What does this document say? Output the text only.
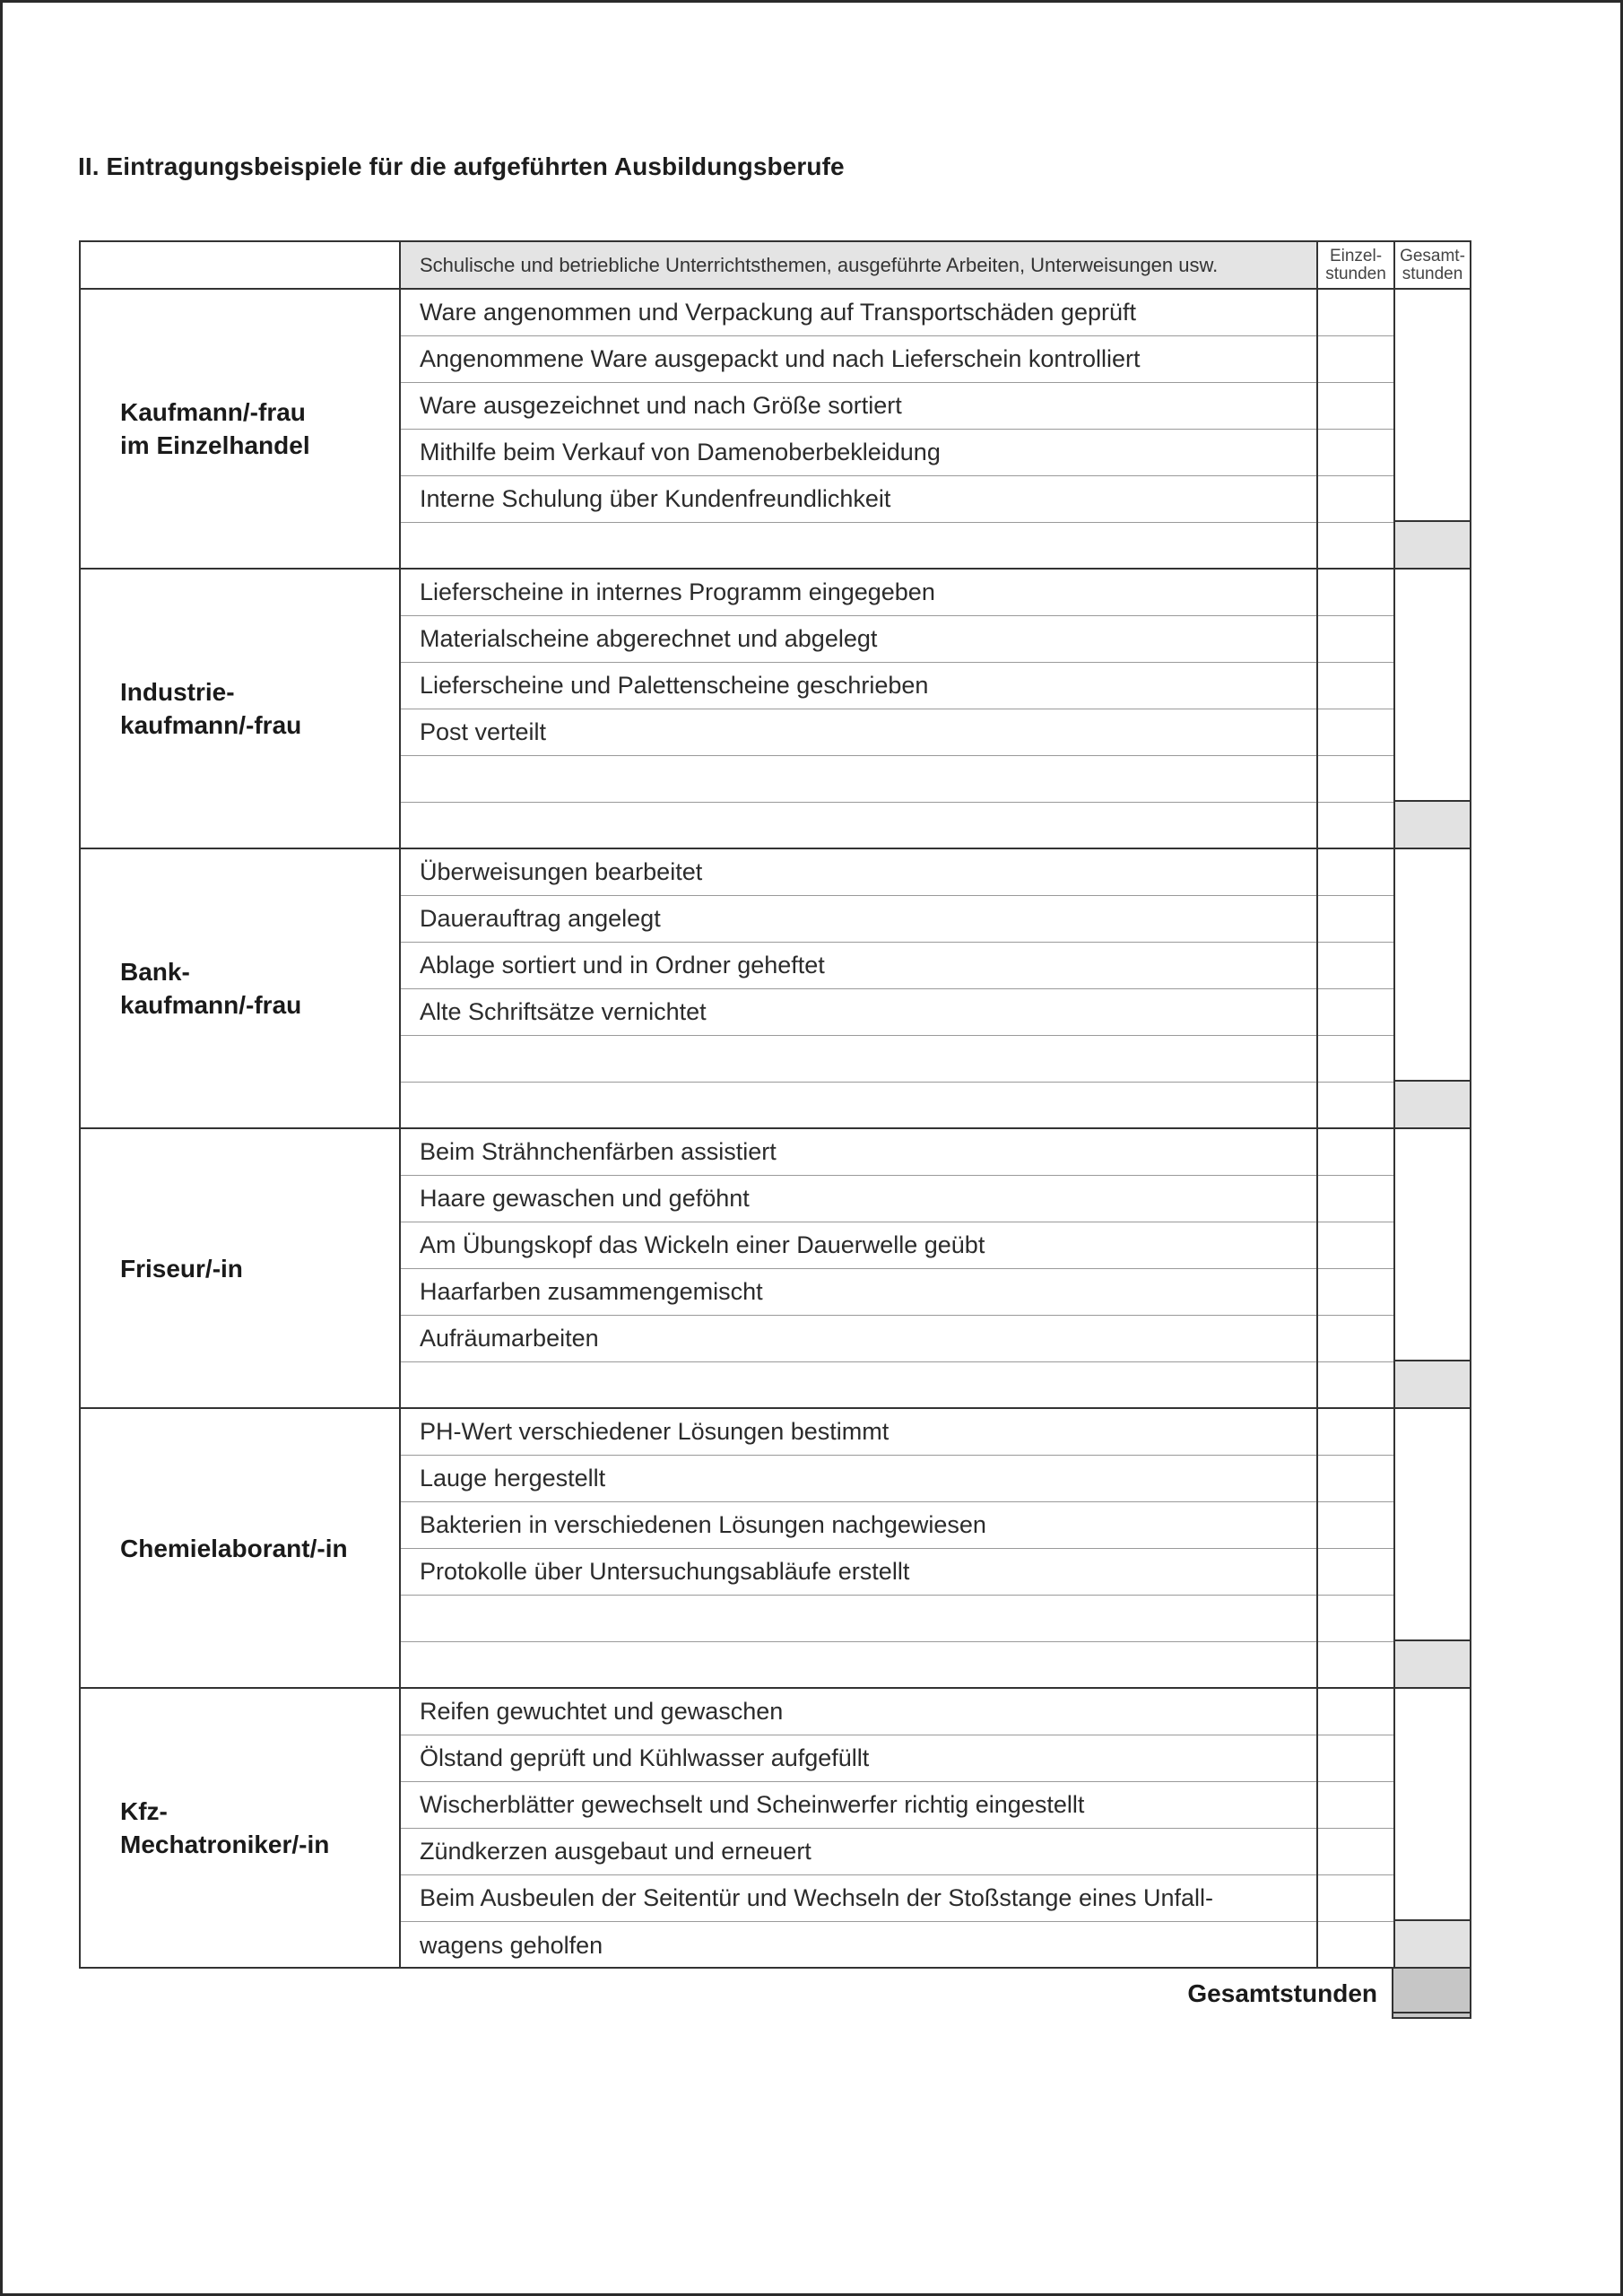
II. Eintragungsbeispiele für die aufgeführten Ausbildungsberufe
Schulische und betriebliche Unterrichtsthemen, ausgeführte Arbeiten, Unterweisungen usw.	Einzel-
stunden
Gesamt-
stunden
Kaufmann/-frau
im Einzelhandel
Ware angenommen und Verpackung auf Transportschäden geprüft
Angenommene Ware ausgepackt und nach Lieferschein kontrolliert
Ware ausgezeichnet und nach Größe sortiert
Mithilfe beim Verkauf von Damenoberbekleidung
Interne Schulung über Kundenfreundlichkeit
Industrie-
kaufmann/-frau
Lieferscheine in internes Programm eingegeben
Materialscheine abgerechnet und abgelegt
Lieferscheine und Palettenscheine geschrieben
Post verteilt
Bank-
kaufmann/-frau
Überweisungen bearbeitet
Dauerauftrag angelegt
Ablage sortiert und in Ordner geheftet
Alte Schriftsätze vernichtet
Friseur/-in
Beim Strähnchenfärben assistiert
Haare gewaschen und geföhnt
Am Übungskopf das Wickeln einer Dauerwelle geübt
Haarfarben zusammengemischt
Aufräumarbeiten
Chemielaborant/-in
PH-Wert verschiedener Lösungen bestimmt
Lauge hergestellt
Bakterien in verschiedenen Lösungen nachgewiesen
Protokolle über Untersuchungsabläufe erstellt
Kfz-
Mechatroniker/-in
Reifen gewuchtet und gewaschen
Ölstand geprüft und Kühlwasser aufgefüllt
Wischerblätter gewechselt und Scheinwerfer richtig eingestellt
Zündkerzen ausgebaut und erneuert
Beim Ausbeulen der Seitentür und Wechseln der Stoßstange eines Unfall-
wagens geholfen
Gesamtstunden
